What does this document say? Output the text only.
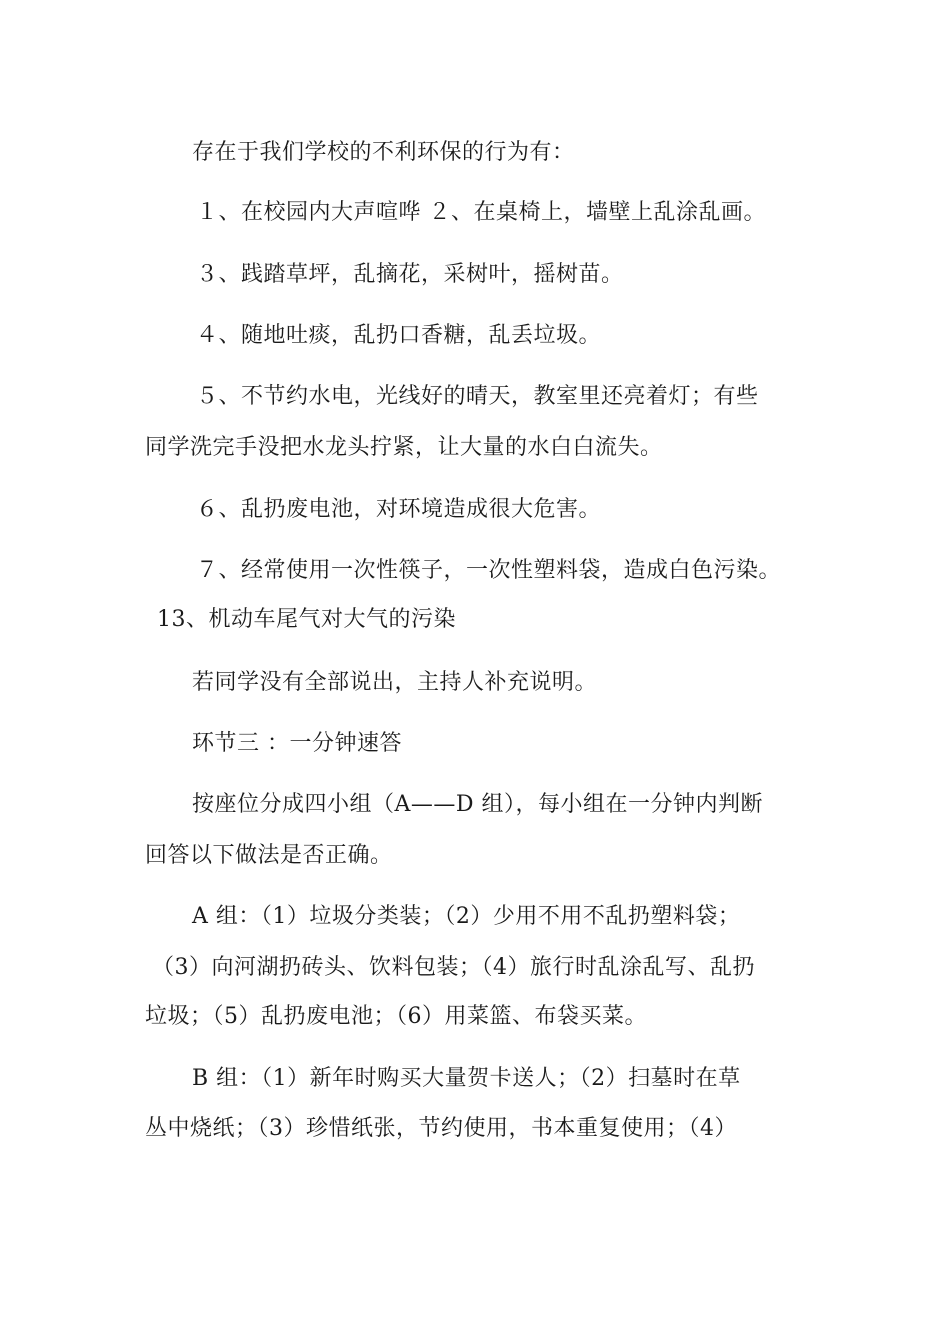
存在于我们学校的不利环保的行为有：
１、在校园内大声喧哗 ２、在桌椅上，墙壁上乱涂乱画。
３、践踏草坪，乱摘花，采树叶，摇树苗。
４、随地吐痰，乱扔口香糖，乱丢垃圾。
５、不节约水电，光线好的晴天，教室里还亮着灯；有些
同学洗完手没把水龙头拧紧，让大量的水白白流失。
６、乱扔废电池，对环境造成很大危害。
７、经常使用一次性筷子，一次性塑料袋，造成白色污染。
13、机动车尾气对大气的污染
若同学没有全部说出，主持人补充说明。
环节三 ：一分钟速答
按座位分成四小组（A——D 组），每小组在一分钟内判断
回答以下做法是否正确。
A 组：（1）垃圾分类装；（2）少用不用不乱扔塑料袋；
（3）向河湖扔砖头、饮料包装；（4）旅行时乱涂乱写、乱扔
垃圾；（5）乱扔废电池；（6）用菜篮、布袋买菜。
B 组：（1）新年时购买大量贺卡送人；（2）扫墓时在草
丛中烧纸；（3）珍惜纸张，节约使用，书本重复使用；（4）
